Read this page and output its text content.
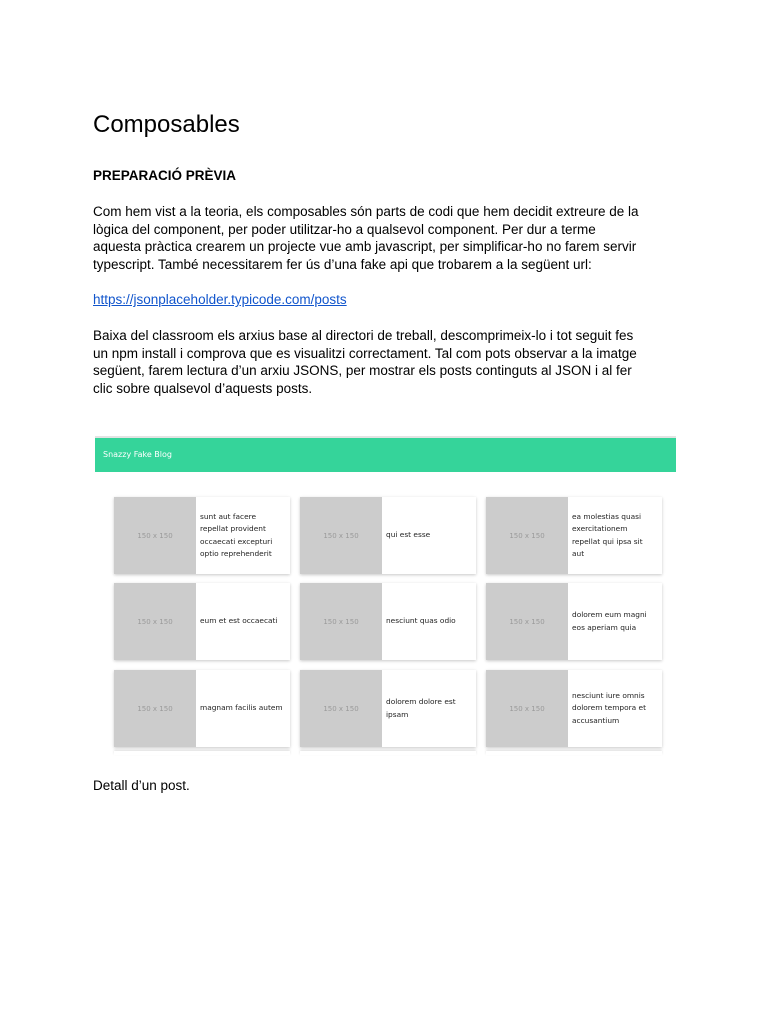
Composables
PREPARACIÓ PRÈVIA

Com hem vist a la teoria, els composables són parts de codi que hem decidit extreure de la
lògica del component, per poder utilitzar-ho a qualsevol component. Per dur a terme
aquesta pràctica crearem un projecte vue amb javascript, per simplificar-ho no farem servir
typescript. També necessitarem fer ús d’una fake api que trobarem a la següent url:

https://jsonplaceholder.typicode.com/posts

Baixa del classroom els arxius base al directori de treball, descomprimeix-lo i tot seguit fes
un npm install i comprova que es visualitzi correctament. Tal com pots observar a la imatge
següent, farem lectura d’un arxiu JSONS, per mostrar els posts continguts al JSON i al fer
clic sobre qualsevol d’aquests posts.

Detall d’un post.
Snazzy Fake Blog
150 x 150
sunt aut facere
repellat provident
occaecati excepturi
optio reprehenderit
150 x 150	qui est esse	150 x 150
ea molestias quasi
exercitationem
repellat qui ipsa sit
aut
150 x 150	eum et est occaecati	150 x 150	nesciunt quas odio	150 x 150
dolorem eum magni
eos aperiam quia
150 x 150	magnam facilis autem	150 x 150
dolorem dolore est
ipsam
150 x 150
nesciunt iure omnis
dolorem tempora et
accusantium
